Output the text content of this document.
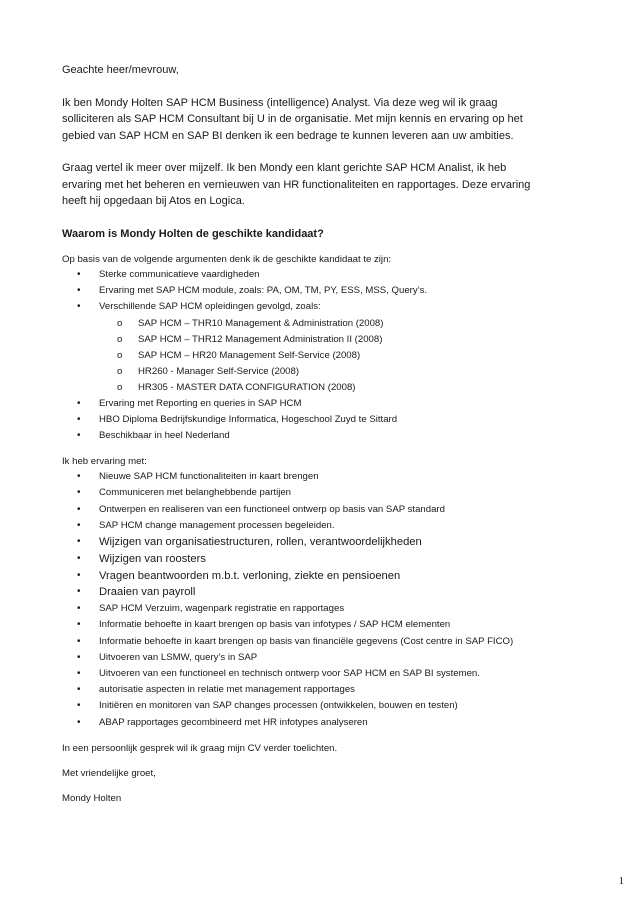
Geachte heer/mevrouw,

Ik ben Mondy Holten SAP HCM Business (intelligence) Analyst. Via deze weg wil ik graag

solliciteren als SAP HCM Consultant bij U in de organisatie. Met mijn kennis en ervaring op het

gebied van SAP HCM en SAP BI denken ik een bedrage te kunnen leveren aan uw ambities.

Graag vertel ik meer over mijzelf. Ik ben Mondy een klant gerichte SAP HCM Analist, ik heb

ervaring met het beheren en vernieuwen van HR functionaliteiten en rapportages. Deze ervaring

heeft hij opgedaan bij Atos en Logica.

Waarom is Mondy Holten de geschikte kandidaat?

Op basis van de volgende argumenten denk ik de geschikte kandidaat te zijn:

• Sterke communicatieve vaardigheden
• Ervaring met SAP HCM module, zoals: PA, OM, TM, PY, ESS, MSS, Query’s.
• Verschillende SAP HCM opleidingen gevolgd, zoals:
o SAP HCM – THR10 Management & Administration (2008)
o SAP HCM – THR12 Management Administration II (2008)
o SAP HCM – HR20 Management Self-Service (2008)
o HR260 - Manager Self-Service (2008)
o HR305 - MASTER DATA CONFIGURATION (2008)
• Ervaring met Reporting en queries in SAP HCM
• HBO Diploma Bedrijfskundige Informatica, Hogeschool Zuyd te Sittard
• Beschikbaar in heel Nederland

Ik heb ervaring met:

• Nieuwe SAP HCM functionaliteiten in kaart brengen
• Communiceren met belanghebbende partijen
• Ontwerpen en realiseren van een functioneel ontwerp op basis van SAP standard
• SAP HCM change management processen begeleiden.
• Wijzigen van organisatiestructuren, rollen, verantwoordelijkheden
• Wijzigen van roosters
• Vragen beantwoorden m.b.t. verloning, ziekte en pensioenen
• Draaien van payroll
• SAP HCM Verzuim, wagenpark registratie en rapportages
• Informatie behoefte in kaart brengen op basis van infotypes / SAP HCM elementen
• Informatie behoefte in kaart brengen op basis van financiële gegevens (Cost centre in SAP FICO)
• Uitvoeren van LSMW, query’s in SAP
• Uitvoeren van een functioneel en technisch ontwerp voor SAP HCM en SAP BI systemen.
• autorisatie aspecten in relatie met management rapportages
• Initiëren en monitoren van SAP changes processen (ontwikkelen, bouwen en testen)
• ABAP rapportages gecombineerd met HR infotypes analyseren

In een persoonlijk gesprek wil ik graag mijn CV verder toelichten.

Met vriendelijke groet,

Mondy Holten

1
